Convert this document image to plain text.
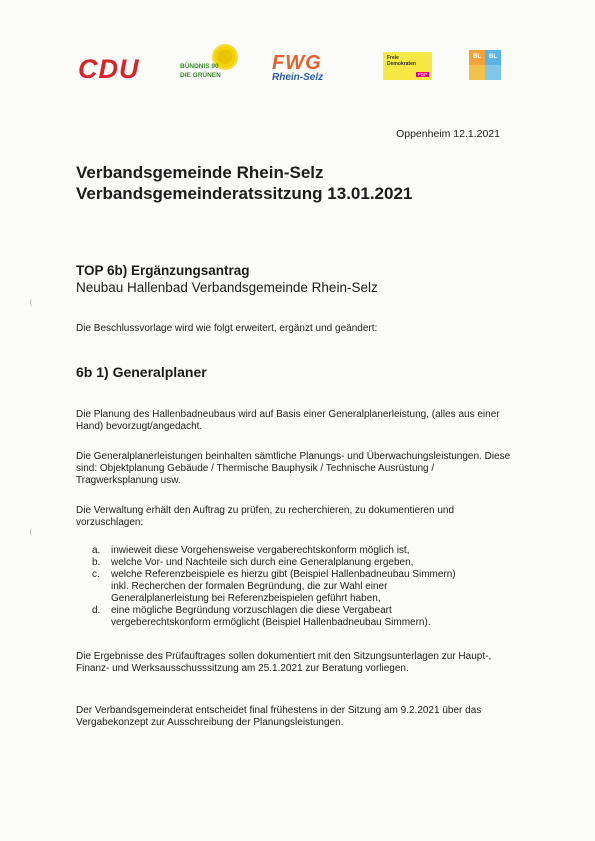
CDU	BÜNDNIS 90
DIE GRÜNEN
FWG
Rhein-Selz
Freie
Demokraten
FDP
BL	BL
Oppenheim 12.1.2021
Verbandsgemeinde Rhein-Selz
Verbandsgemeinderatssitzung 13.01.2021
TOP 6b) Ergänzungsantrag
Neubau Hallenbad Verbandsgemeinde Rhein-Selz
Die Beschlussvorlage wird wie folgt erweitert, ergänzt und geändert:
6b 1) Generalplaner

Die Planung des Hallenbadneubaus wird auf Basis einer Generalplanerleistung, (alles aus einer Hand) bevorzugt/angedacht.

Die Generalplanerleistungen beinhalten sämtliche Planungs- und Überwachungsleistungen. Diese sind: Objektplanung Gebäude / Thermische Bauphysik / Technische Ausrüstung / Tragwerksplanung usw.

Die Verwaltung erhält den Auftrag zu prüfen, zu recherchieren, zu dokumentieren und vorzuschlagen:

a.	inwieweit diese Vorgehensweise vergaberechtskonform möglich ist,
b.	welche Vor- und Nachteile sich durch eine Generalplanung ergeben,
c.	welche Referenzbeispiele es hierzu gibt (Beispiel Hallenbadneubau Simmern)
inkl. Recherchen der formalen Begründung, die zur Wahl einer
Generalplanerleistung bei Referenzbeispielen geführt haben,
d.	eine mögliche Begründung vorzuschlagen die diese Vergabeart
vergeberechtskonform ermöglicht (Beispiel Hallenbadneubau Simmern).

Die Ergebnisse des Prüfauftrages sollen dokumentiert mit den Sitzungsunterlagen zur Haupt-, Finanz- und Werksausschusssitzung am 25.1.2021 zur Beratung vorliegen.

Der Verbandsgemeinderat entscheidet final frühestens in der Sitzung am 9.2.2021 über das Vergabekonzept zur Ausschreibung der Planungsleistungen.
